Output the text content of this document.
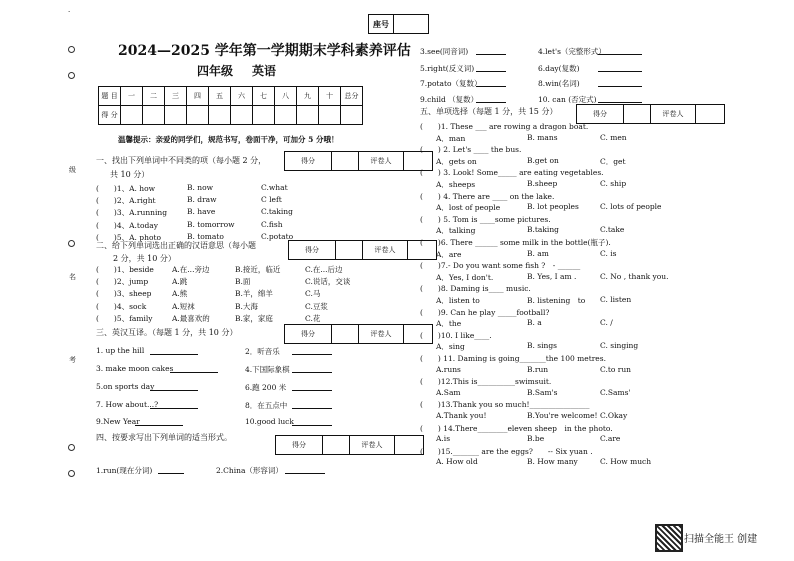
·
级
名
考
座号	
2024—2025 学年第一学期期末学科素养评估
四年级 英语
题 目	一	二	三	四	五	六	七	八	九	十	总分
得 分											
温馨提示：亲爱的同学们，规范书写，卷面干净，可加分 5 分哦！
一、找出下列单词中不同类的项（每小题 2 分，
共 10 分）
得分		评卷人	
二、给下列单词选出正确的汉语意思（每小题
2 分，共 10 分）
得分		评卷人	
三、英汉互译。（每题 1 分，共 10 分）	得分		评卷人	
四、按要求写出下列单词的适当形式。
得分		评卷人	
五、单项选择（每题 1 分，共 15 分）	得分		评卷人	
扫描全能王 创建
(　　)1、A. how	B. now	C.what
(　　)2、A.right	B. draw	C left
(　　)3、A.running	B. have	C.taking
(　　)4、A.today	B. tomorrow	C.fish
(　　)5、A. photo	B. tomato	C.potato
(　　)1、beside A.在...旁边	B.接近，临近	C.在...后边
(　　)2、jump	A.跳	B.面	C.说话，交谈
(　　)3、sheep	A.熊	B.羊，绵羊	C.马
(　　)4、sock	A.短袜	B.大海	C.豆浆
(　　)5、family	A.最喜欢的	B.家，家庭	C.花
1. up the hill	2．听音乐
3. make moon cakes	4.下国际象棋
5.on sports day	6.跑 200 米
7. How about...?	8．在五点中
9.New Year	10.good luck
1.run(现在分词)	2.China（形容词）
3.see(同音词)	4.let's（完整形式）
5.right(反义词)	6.day(复数)
7.potato（复数）	8.win(名词)
9.child （复数）	10. can (否定式)
(　　)1. These ___ are rowing a dragon boat.
A．man	B. mans	C. men
(　　) 2. Let's ____ the bus.
A．gets on	B.get on	C．get
(　　) 3. Look! Some_____ are eating vegetables.
A．sheeps	B.sheep	C. ship
(　　) 4. There are ____ on the lake.
A．lost of people	B. lot peoples	C. lots of people
(　　) 5. Tom is ____some pictures.
A．talking	B.taking	C.take
(　　)6. There ______ some milk in the bottle(瓶子).
A．are	B. am	C. is
(　　)7.- Do you want some fish ?　- ______
A．Yes, I don't.	B. Yes, I am .	C. No , thank you.
(　　)8. Daming is____ music.
A．listen to	B. listening　to C. listen
(　　)9. Can he play _____football?
A．the	B. a	C. /
(　　)10. I like____.
A．sing	B. sings	C. singing
(　　) 11. Daming is going_______the 100 metres.
A.runs	B.run	C.to run
(　　)12.This is__________swimsuit.
A.Sam	B.Sam's	C.Sams'
(　　)13.Thank you so much!________________
A.Thank you!	B.You're welcome! C.Okay
(　　) 14.There________eleven sheep　in the photo.
A.is	B.be	C.are
(　　)15._______ are the eggs?　　-- Six yuan .
A. How old	B. How many	C. How much
